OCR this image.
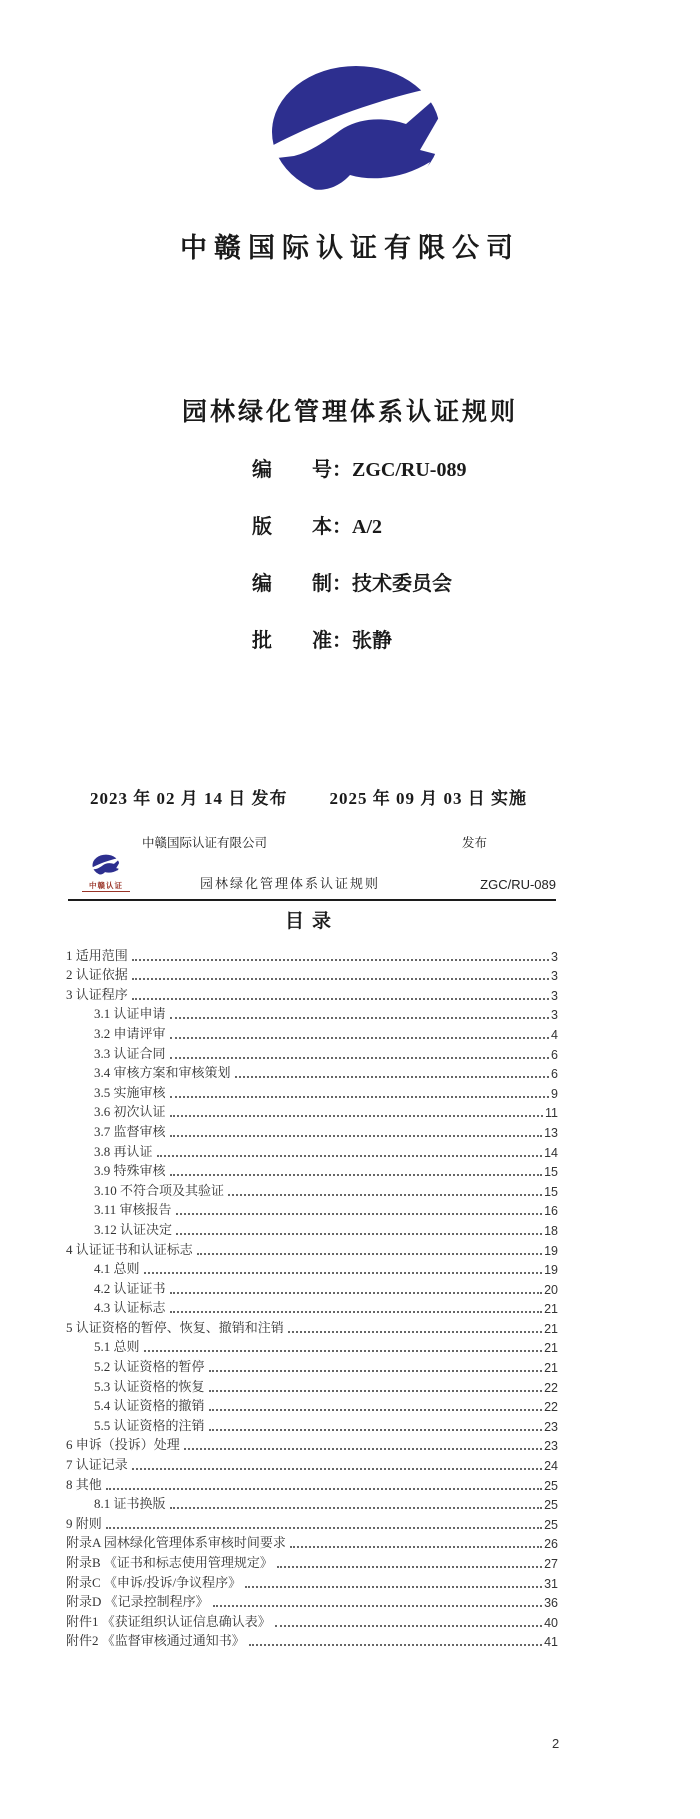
中赣国际认证有限公司
园林绿化管理体系认证规则
编　　号：ZGC/RU-089
版　　本：A/2
编　　制：技术委员会
批　　准：张静
2023 年 02 月 14 日 发布 2025 年 09 月 03 日 实施
中赣国际认证有限公司	发布
中赣认证	园林绿化管理体系认证规则	ZGC/RU-089
目录
1 适用范围	3
2 认证依据	3
3 认证程序	3
3.1 认证申请	3
3.2 申请评审	4
3.3 认证合同	6
3.4 审核方案和审核策划	6
3.5 实施审核	9
3.6 初次认证	11
3.7 监督审核	13
3.8 再认证	14
3.9 特殊审核	15
3.10 不符合项及其验证	15
3.11 审核报告	16
3.12 认证决定	18
4 认证证书和认证标志	19
4.1 总则	19
4.2 认证证书	20
4.3 认证标志	21
5 认证资格的暂停、恢复、撤销和注销	21
5.1 总则	21
5.2 认证资格的暂停	21
5.3 认证资格的恢复	22
5.4 认证资格的撤销	22
5.5 认证资格的注销	23
6 申诉（投诉）处理	23
7 认证记录	24
8 其他	25
8.1 证书换版	25
9 附则	25
附录A 园林绿化管理体系审核时间要求	26
附录B 《证书和标志使用管理规定》	27
附录C 《申诉/投诉/争议程序》	31
附录D 《记录控制程序》	36
附件1 《获证组织认证信息确认表》	40
附件2 《监督审核通过通知书》	41
2
